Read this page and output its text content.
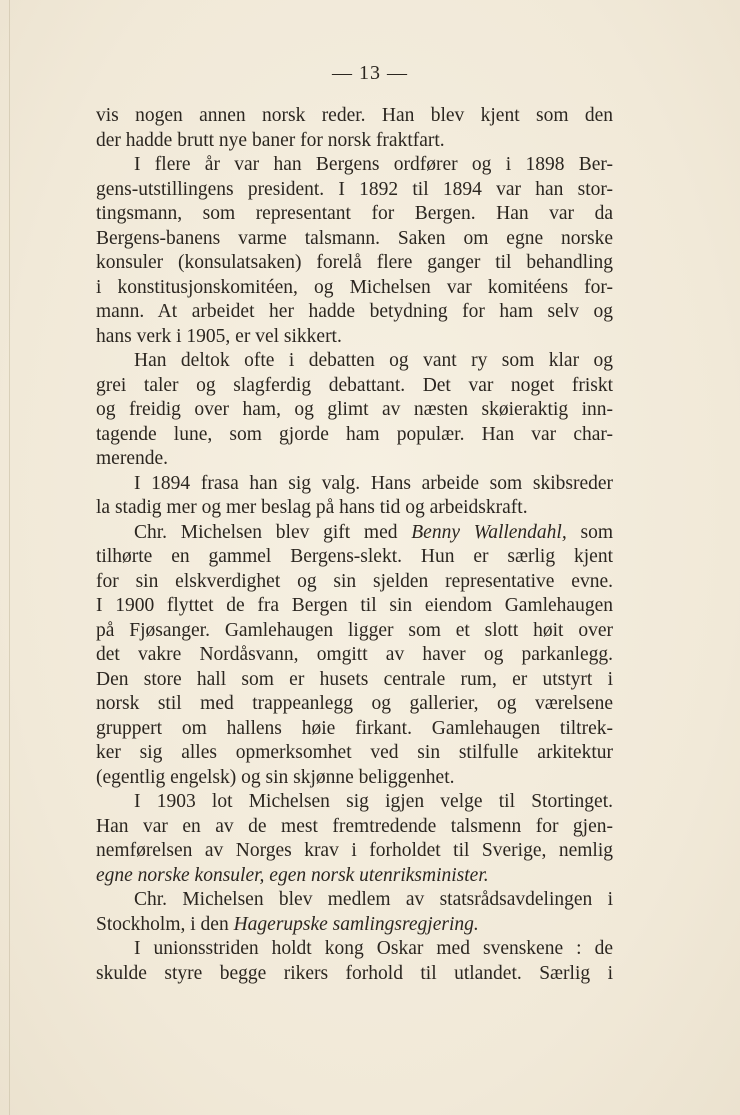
— 13 —
vis nogen annen norsk reder. Han blev kjent som den
der hadde brutt nye baner for norsk fraktfart.
I flere år var han Bergens ordfører og i 1898 Ber-
gens-utstillingens president. I 1892 til 1894 var han stor-
tingsmann, som representant for Bergen. Han var da
Bergens-banens varme talsmann. Saken om egne norske
konsuler (konsulatsaken) forelå flere ganger til behandling
i konstitusjonskomitéen, og Michelsen var komitéens for-
mann. At arbeidet her hadde betydning for ham selv og
hans verk i 1905, er vel sikkert.
Han deltok ofte i debatten og vant ry som klar og
grei taler og slagferdig debattant. Det var noget friskt
og freidig over ham, og glimt av næsten skøieraktig inn-
tagende lune, som gjorde ham populær. Han var char-
merende.
I 1894 frasa han sig valg. Hans arbeide som skibsreder
la stadig mer og mer beslag på hans tid og arbeidskraft.
Chr. Michelsen blev gift med Benny Wallendahl, som
tilhørte en gammel Bergens-slekt. Hun er særlig kjent
for sin elskverdighet og sin sjelden representative evne.
I 1900 flyttet de fra Bergen til sin eiendom Gamlehaugen
på Fjøsanger. Gamlehaugen ligger som et slott høit over
det vakre Nordåsvann, omgitt av haver og parkanlegg.
Den store hall som er husets centrale rum, er utstyrt i
norsk stil med trappeanlegg og gallerier, og værelsene
gruppert om hallens høie firkant. Gamlehaugen tiltrek-
ker sig alles opmerksomhet ved sin stilfulle arkitektur
(egentlig engelsk) og sin skjønne beliggenhet.
I 1903 lot Michelsen sig igjen velge til Stortinget.
Han var en av de mest fremtredende talsmenn for gjen-
nemførelsen av Norges krav i forholdet til Sverige, nemlig
egne norske konsuler, egen norsk utenriksminister.
Chr. Michelsen blev medlem av statsrådsavdelingen i
Stockholm, i den Hagerupske samlingsregjering.
I unionsstriden holdt kong Oskar med svenskene : de
skulde styre begge rikers forhold til utlandet. Særlig i
